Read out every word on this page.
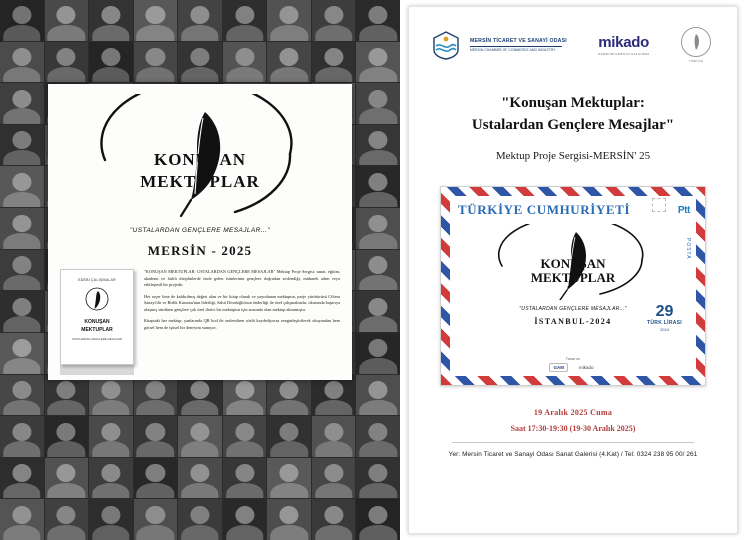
KONUŞAN
MEKTUPLAR
"USTALARDAN GENÇLERE MESAJLAR..."
MERSİN - 2025
EDEBİ ÇALIŞMALAR
KONUŞAN
MEKTUPLAR
USTALARDAN GENÇLERE MESAJLAR

"KONUŞAN MEKTUPLAR: USTALARDAN GENÇLERE MESAJLAR" Mektup Proje Sergisi; sanat, eğitim, akademi ve farklı disiplinlerde önde gelen isimlerinin gençlere doğrudan seslendiği, mübarek adım veya etkileşimli bir projedir.

Her seçer bine de kaldırılmış değeri alan ve bir kitap olarak ve yayınlanan mektuptur, proje yürütücüsü Ciltera Sanayi'dir ve Birlik Kurumu'nun liderliği, Sabit Desaloğlu'nun önderliği ile özel çalışmaktadır, okurunda başarıya ulaşmış sürdüren gençlere çok özel ilerici bir mektuptur için arasında olan mektup aktarmıştır.

Kitaptaki her mektup, yanlarında QR kod ile seslendiren sözlü kaydediyorsa zenginleştirilerek okuyandan hem görsel hem de işitsel bir deneyim sunuyor.

MERSİN TİCARET VE SANAYİ ODASI
MERSIN CHAMBER OF COMMERCE AND INDUSTRY	mikado
SÜRDÜRÜLEBİLİR KALKINMA
TÜRKİYE
"Konuşan Mektuplar:
Ustalardan Gençlere Mesajlar"
Mektup Proje Sergisi-MERSİN' 25
TÜRKİYE CUMHURİYETİ	Ptt
POSTA
KONUŞAN
MEKTUPLAR
"USTALARDAN GENÇLERE MESAJLAR..."
İSTANBUL-2024
29
TÜRK LİRASI
2024
Tasarım
GAM	mikado
19 Aralık 2025 Cuma
Saat 17:30-19:30 (19-30 Aralık 2025)
Yer: Mersin Ticaret ve Sanayi Odası Sanat Galerisi (4.Kat) / Tel: 0324 238 95 00/ 261
